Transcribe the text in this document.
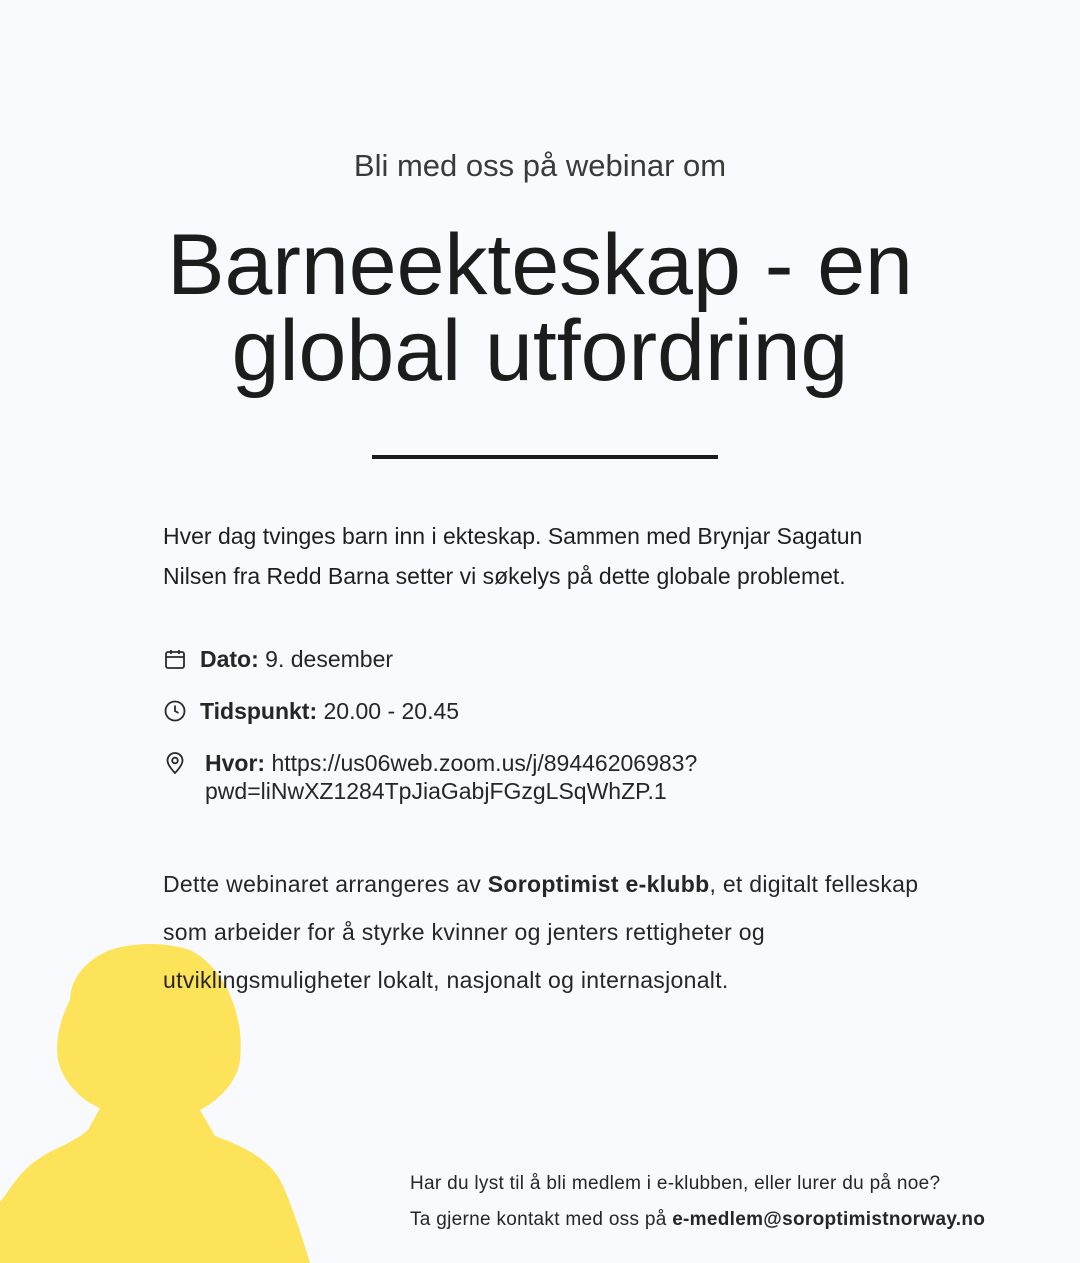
Bli med oss på webinar om
Barneekteskap - en
global utfordring

Hver dag tvinges barn inn i ekteskap. Sammen med Brynjar Sagatun
Nilsen fra Redd Barna setter vi søkelys på dette globale problemet.

Dato: 9. desember
Tidspunkt: 20.00 - 20.45
Hvor: https://us06web.zoom.us/j/89446206983?
pwd=liNwXZ1284TpJiaGabjFGzgLSqWhZP.1

Dette webinaret arrangeres av Soroptimist e-klubb, et digitalt felleskap
som arbeider for å styrke kvinner og jenters rettigheter og
utviklingsmuligheter lokalt, nasjonalt og internasjonalt.

Har du lyst til å bli medlem i e-klubben, eller lurer du på noe?
Ta gjerne kontakt med oss på e-medlem@soroptimistnorway.no
